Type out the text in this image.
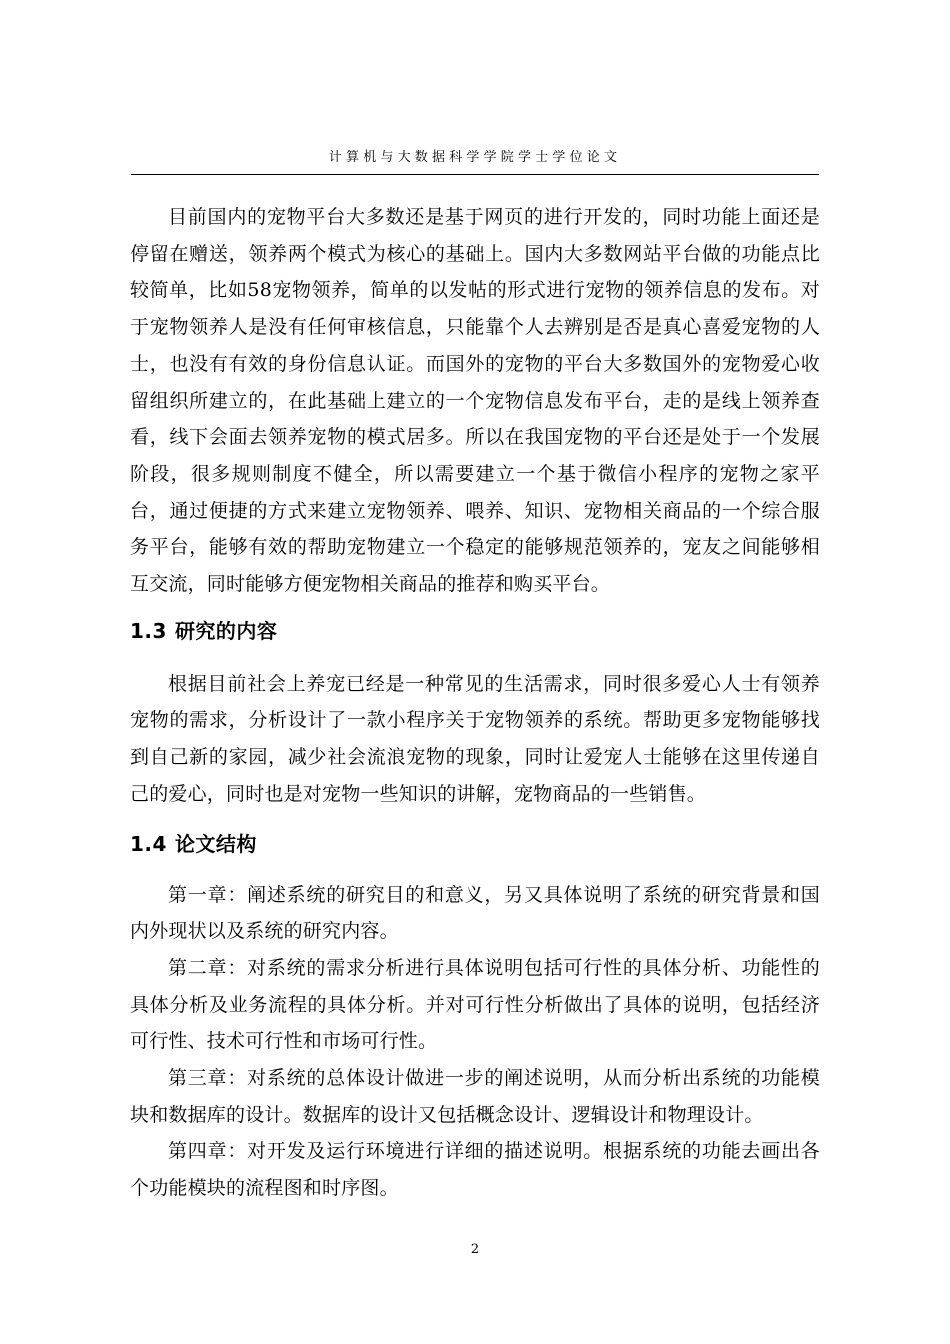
计算机与大数据科学学院学士学位论文

目前国内的宠物平台大多数还是基于网页的进行开发的，同时功能上面还是停留在赠送，领养两个模式为核心的基础上。国内大多数网站平台做的功能点比较简单，比如58宠物领养，简单的以发帖的形式进行宠物的领养信息的发布。对于宠物领养人是没有任何审核信息，只能靠个人去辨别是否是真心喜爱宠物的人士，也没有有效的身份信息认证。而国外的宠物的平台大多数国外的宠物爱心收留组织所建立的，在此基础上建立的一个宠物信息发布平台，走的是线上领养查看，线下会面去领养宠物的模式居多。所以在我国宠物的平台还是处于一个发展阶段，很多规则制度不健全，所以需要建立一个基于微信小程序的宠物之家平台，通过便捷的方式来建立宠物领养、喂养、知识、宠物相关商品的一个综合服务平台，能够有效的帮助宠物建立一个稳定的能够规范领养的，宠友之间能够相互交流，同时能够方便宠物相关商品的推荐和购买平台。

1.3 研究的内容

根据目前社会上养宠已经是一种常见的生活需求，同时很多爱心人士有领养宠物的需求，分析设计了一款小程序关于宠物领养的系统。帮助更多宠物能够找到自己新的家园，减少社会流浪宠物的现象，同时让爱宠人士能够在这里传递自己的爱心，同时也是对宠物一些知识的讲解，宠物商品的一些销售。

1.4 论文结构

第一章：阐述系统的研究目的和意义，另又具体说明了系统的研究背景和国内外现状以及系统的研究内容。

第二章：对系统的需求分析进行具体说明包括可行性的具体分析、功能性的具体分析及业务流程的具体分析。并对可行性分析做出了具体的说明，包括经济可行性、技术可行性和市场可行性。

第三章：对系统的总体设计做进一步的阐述说明，从而分析出系统的功能模块和数据库的设计。数据库的设计又包括概念设计、逻辑设计和物理设计。

第四章：对开发及运行环境进行详细的描述说明。根据系统的功能去画出各个功能模块的流程图和时序图。

2
